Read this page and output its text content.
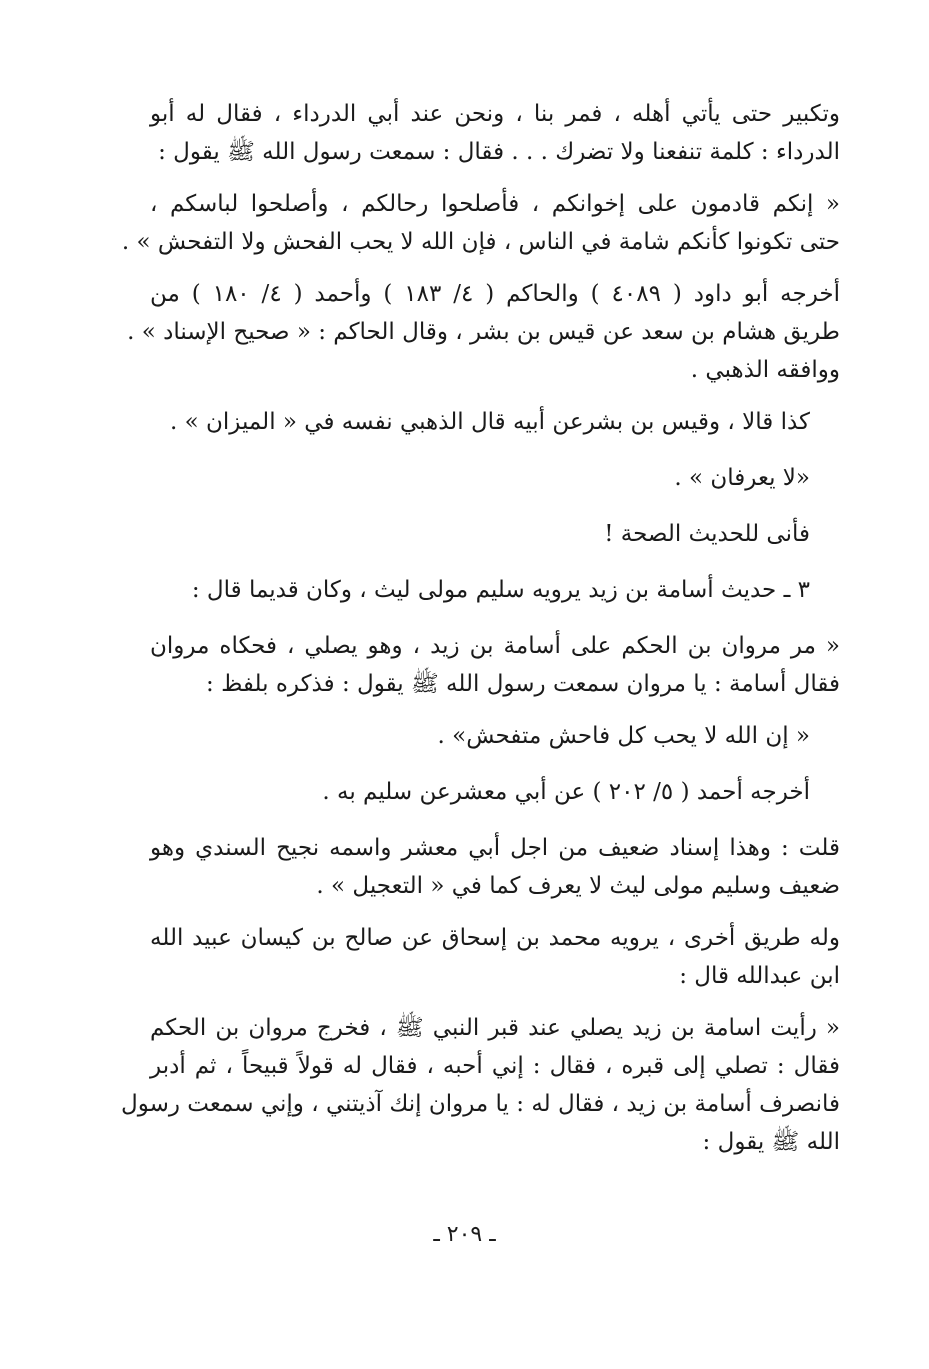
وتكبير حتى يأتي أهله ، فمر بنا ، ونحن عند أبي الدرداء ، فقال له أبو
الدرداء : كلمة تنفعنا ولا تضرك . . . فقال : سمعت رسول الله ﷺ يقول :
« إنكم قادمون على إخوانكم ، فأصلحوا رحالكم ، وأصلحوا لباسكم ،
حتى تكونوا كأنكم شامة في الناس ، فإن الله لا يحب الفحش ولا التفحش » .
أخرجه أبو داود ( ٤٠٨٩ ) والحاكم ( ٤/ ١٨٣ ) وأحمد ( ٤/ ١٨٠ ) من
طريق هشام بن سعد عن قيس بن بشر ، وقال الحاكم : « صحيح الإسناد » .
ووافقه الذهبي .
كذا قالا ، وقيس بن بشرعن أبيه قال الذهبي نفسه في « الميزان » .
«لا يعرفان » .
فأنى للحديث الصحة !
٣ ـ حديث أسامة بن زيد يرويه سليم مولى ليث ، وكان قديما قال :
« مر مروان بن الحكم على أسامة بن زيد ، وهو يصلي ، فحكاه مروان
فقال أسامة : يا مروان سمعت رسول الله ﷺ يقول : فذكره بلفظ :
« إن الله لا يحب كل فاحش متفحش» .
أخرجه أحمد ( ٥/ ٢٠٢ ) عن أبي معشرعن سليم به .
قلت : وهذا إسناد ضعيف من اجل أبي معشر واسمه نجيح السندي وهو
ضعيف وسليم مولى ليث لا يعرف كما في « التعجيل » .
وله طريق أخرى ، يرويه محمد بن إسحاق عن صالح بن كيسان عبيد الله
ابن عبدالله قال :
« رأيت اسامة بن زيد يصلي عند قبر النبي ﷺ ، فخرج مروان بن الحكم
فقال : تصلي إلى قبره ، فقال : إني أحبه ، فقال له قولاً قبيحاً ، ثم أدبر
فانصرف أسامة بن زيد ، فقال له : يا مروان إنك آذيتني ، وإني سمعت رسول
الله ﷺ يقول :
ـ ٢٠٩ ـ
